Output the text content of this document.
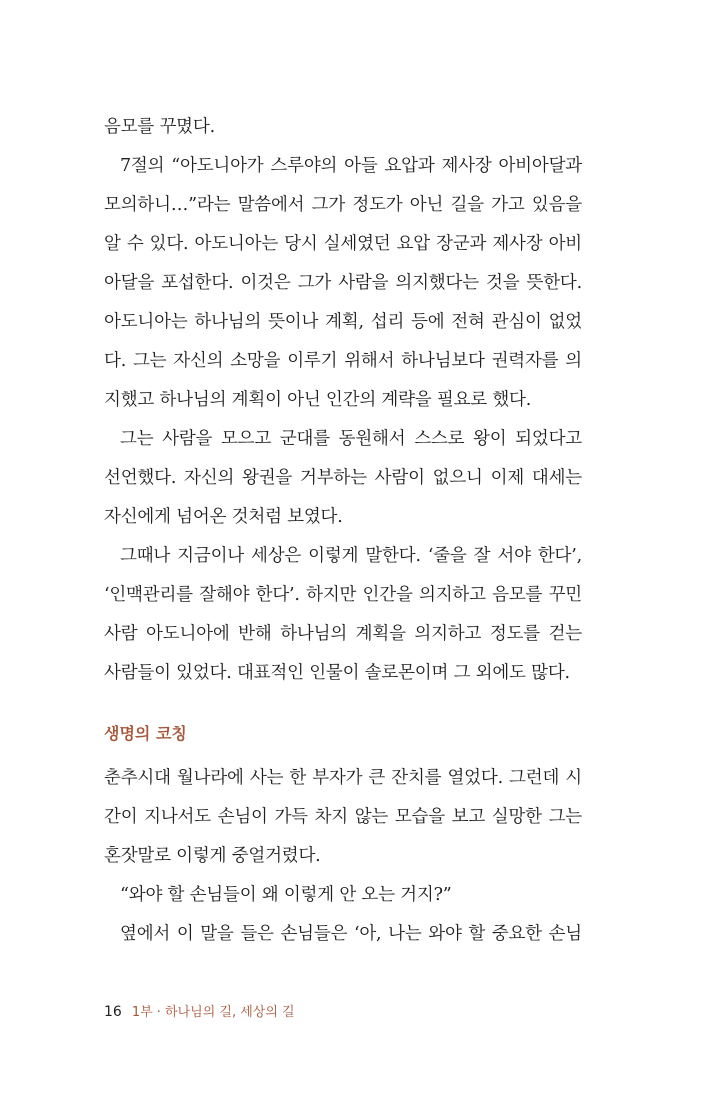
음모를 꾸몄다.
7절의 “아도니아가 스루야의 아들 요압과 제사장 아비아달과
모의하니…”라는 말씀에서 그가 정도가 아닌 길을 가고 있음을
알 수 있다. 아도니아는 당시 실세였던 요압 장군과 제사장 아비
아달을 포섭한다. 이것은 그가 사람을 의지했다는 것을 뜻한다.
아도니아는 하나님의 뜻이나 계획, 섭리 등에 전혀 관심이 없었
다. 그는 자신의 소망을 이루기 위해서 하나님보다 권력자를 의
지했고 하나님의 계획이 아닌 인간의 계략을 필요로 했다.
그는 사람을 모으고 군대를 동원해서 스스로 왕이 되었다고
선언했다. 자신의 왕권을 거부하는 사람이 없으니 이제 대세는
자신에게 넘어온 것처럼 보였다.
그때나 지금이나 세상은 이렇게 말한다. ‘줄을 잘 서야 한다’,
‘인맥관리를 잘해야 한다’. 하지만 인간을 의지하고 음모를 꾸민
사람 아도니아에 반해 하나님의 계획을 의지하고 정도를 걷는
사람들이 있었다. 대표적인 인물이 솔로몬이며 그 외에도 많다.
생명의 코칭
춘추시대 월나라에 사는 한 부자가 큰 잔치를 열었다. 그런데 시
간이 지나서도 손님이 가득 차지 않는 모습을 보고 실망한 그는
혼잣말로 이렇게 중얼거렸다.
“와야 할 손님들이 왜 이렇게 안 오는 거지?”
옆에서 이 말을 들은 손님들은 ‘아, 나는 와야 할 중요한 손님
16 1부 · 하나님의 길, 세상의 길
